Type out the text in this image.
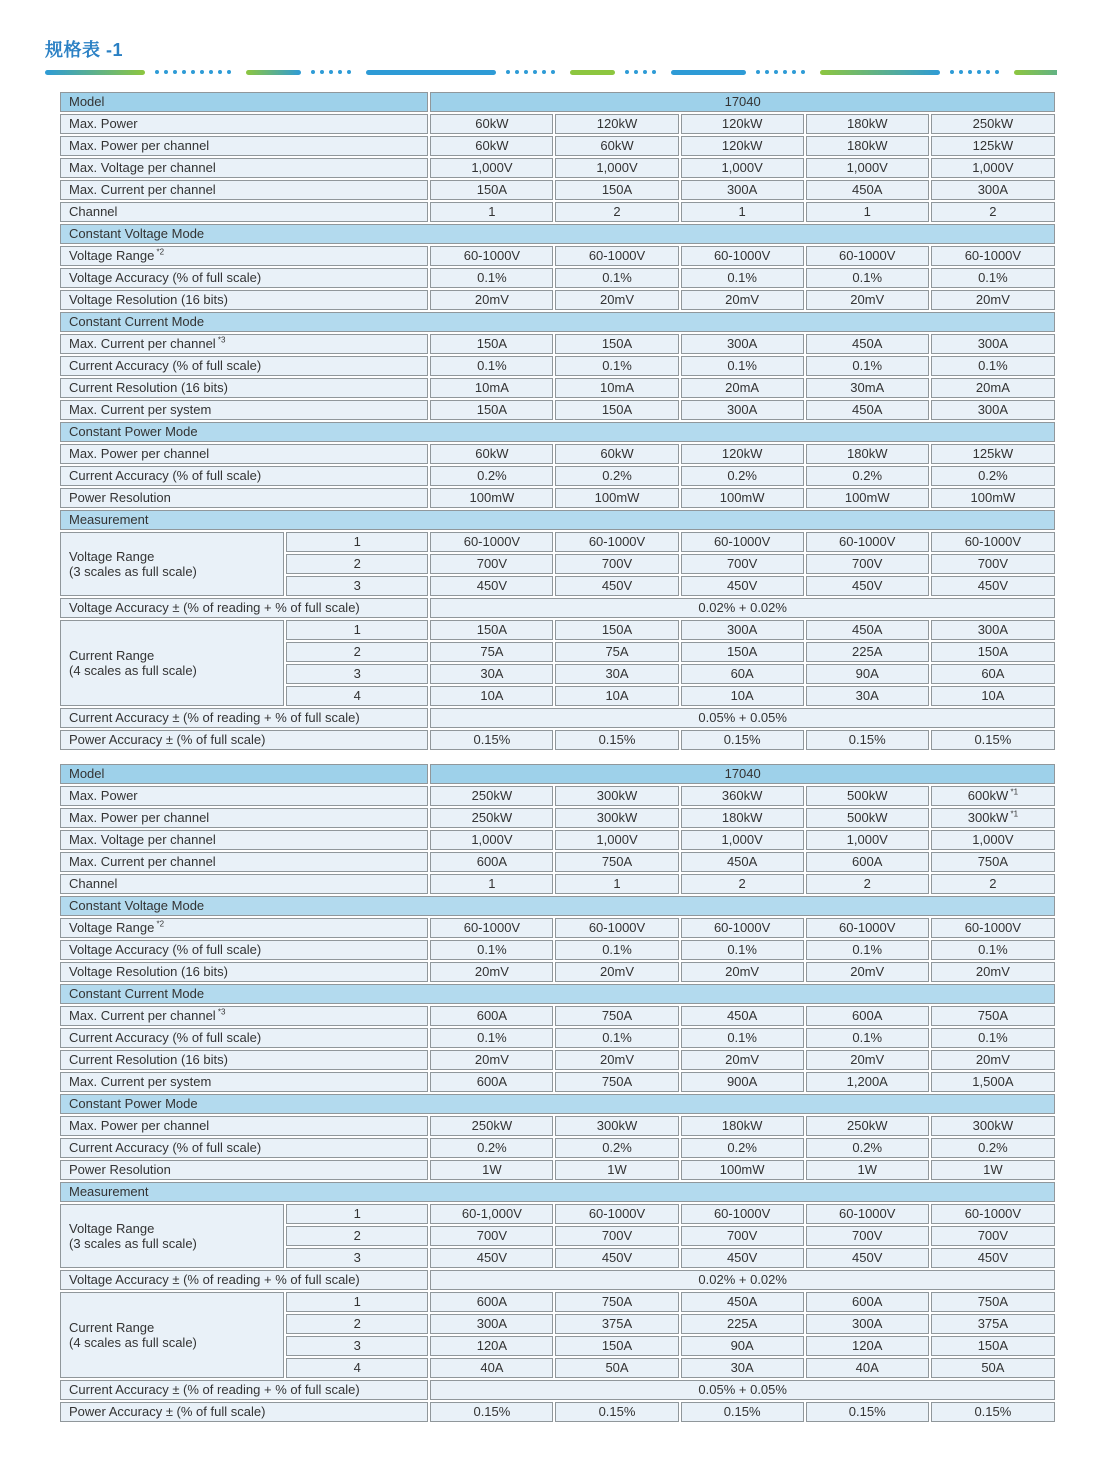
规格表 -1
Model		17040				
Max. Power		60kW	120kW	120kW	180kW	250kW
Max. Power per channel		60kW	60kW	120kW	180kW	125kW
Max. Voltage per channel		1,000V	1,000V	1,000V	1,000V	1,000V
Max. Current per channel		150A	150A	300A	450A	300A
Channel		1	2	1	1	2
Constant Voltage Mode						
Voltage Range $^{*2}$		60-1000V	60-1000V	60-1000V	60-1000V	60-1000V
Voltage Accuracy (% of full scale)		0.1%	0.1%	0.1%	0.1%	0.1%
Voltage Resolution (16 bits)		20mV	20mV	20mV	20mV	20mV
Constant Current Mode						
Max. Current per channel $^{*3}$		150A	150A	300A	450A	300A
Current Accuracy (% of full scale)		0.1%	0.1%	0.1%	0.1%	0.1%
Current Resolution (16 bits)		10mA	10mA	20mA	30mA	20mA
Max. Current per system		150A	150A	300A	450A	300A
Constant Power Mode						
Max. Power per channel		60kW	60kW	120kW	180kW	125kW
Current Accuracy (% of full scale)		0.2%	0.2%	0.2%	0.2%	0.2%
Power Resolution		100mW	100mW	100mW	100mW	100mW
Measurement						

Voltage Range
(3 scales as full scale)	1	60-1000V	60-1000V	60-1000V	60-1000V	60-1000V
	2	700V	700V	700V	700V	700V
	3	450V	450V	450V	450V	450V
Voltage Accuracy ± (% of reading + % of full scale)		0.02% + 0.02%				

Current Range
(4 scales as full scale)	1	150A	150A	300A	450A	300A
	2	75A	75A	150A	225A	150A
	3	30A	30A	60A	90A	60A
	4	10A	10A	10A	30A	10A
Current Accuracy ± (% of reading + % of full scale)		0.05% + 0.05%				
Power Accuracy ± (% of full scale)		0.15%	0.15%	0.15%	0.15%	0.15%
Model		17040				
Max. Power		250kW	300kW	360kW	500kW	600kW $^{*1}$
Max. Power per channel		250kW	300kW	180kW	500kW	300kW $^{*1}$
Max. Voltage per channel		1,000V	1,000V	1,000V	1,000V	1,000V
Max. Current per channel		600A	750A	450A	600A	750A
Channel		1	1	2	2	2
Constant Voltage Mode						
Voltage Range $^{*2}$		60-1000V	60-1000V	60-1000V	60-1000V	60-1000V
Voltage Accuracy (% of full scale)		0.1%	0.1%	0.1%	0.1%	0.1%
Voltage Resolution (16 bits)		20mV	20mV	20mV	20mV	20mV
Constant Current Mode						
Max. Current per channel $^{*3}$		600A	750A	450A	600A	750A
Current Accuracy (% of full scale)		0.1%	0.1%	0.1%	0.1%	0.1%
Current Resolution (16 bits)		20mV	20mV	20mV	20mV	20mV
Max. Current per system		600A	750A	900A	1,200A	1,500A
Constant Power Mode						
Max. Power per channel		250kW	300kW	180kW	250kW	300kW
Current Accuracy (% of full scale)		0.2%	0.2%	0.2%	0.2%	0.2%
Power Resolution		1W	1W	100mW	1W	1W
Measurement						

Voltage Range
(3 scales as full scale)	1	60-1,000V	60-1000V	60-1000V	60-1000V	60-1000V
	2	700V	700V	700V	700V	700V
	3	450V	450V	450V	450V	450V
Voltage Accuracy ± (% of reading + % of full scale)		0.02% + 0.02%				

Current Range
(4 scales as full scale)	1	600A	750A	450A	600A	750A
	2	300A	375A	225A	300A	375A
	3	120A	150A	90A	120A	150A
	4	40A	50A	30A	40A	50A
Current Accuracy ± (% of reading + % of full scale)		0.05% + 0.05%				
Power Accuracy ± (% of full scale)		0.15%	0.15%	0.15%	0.15%	0.15%
